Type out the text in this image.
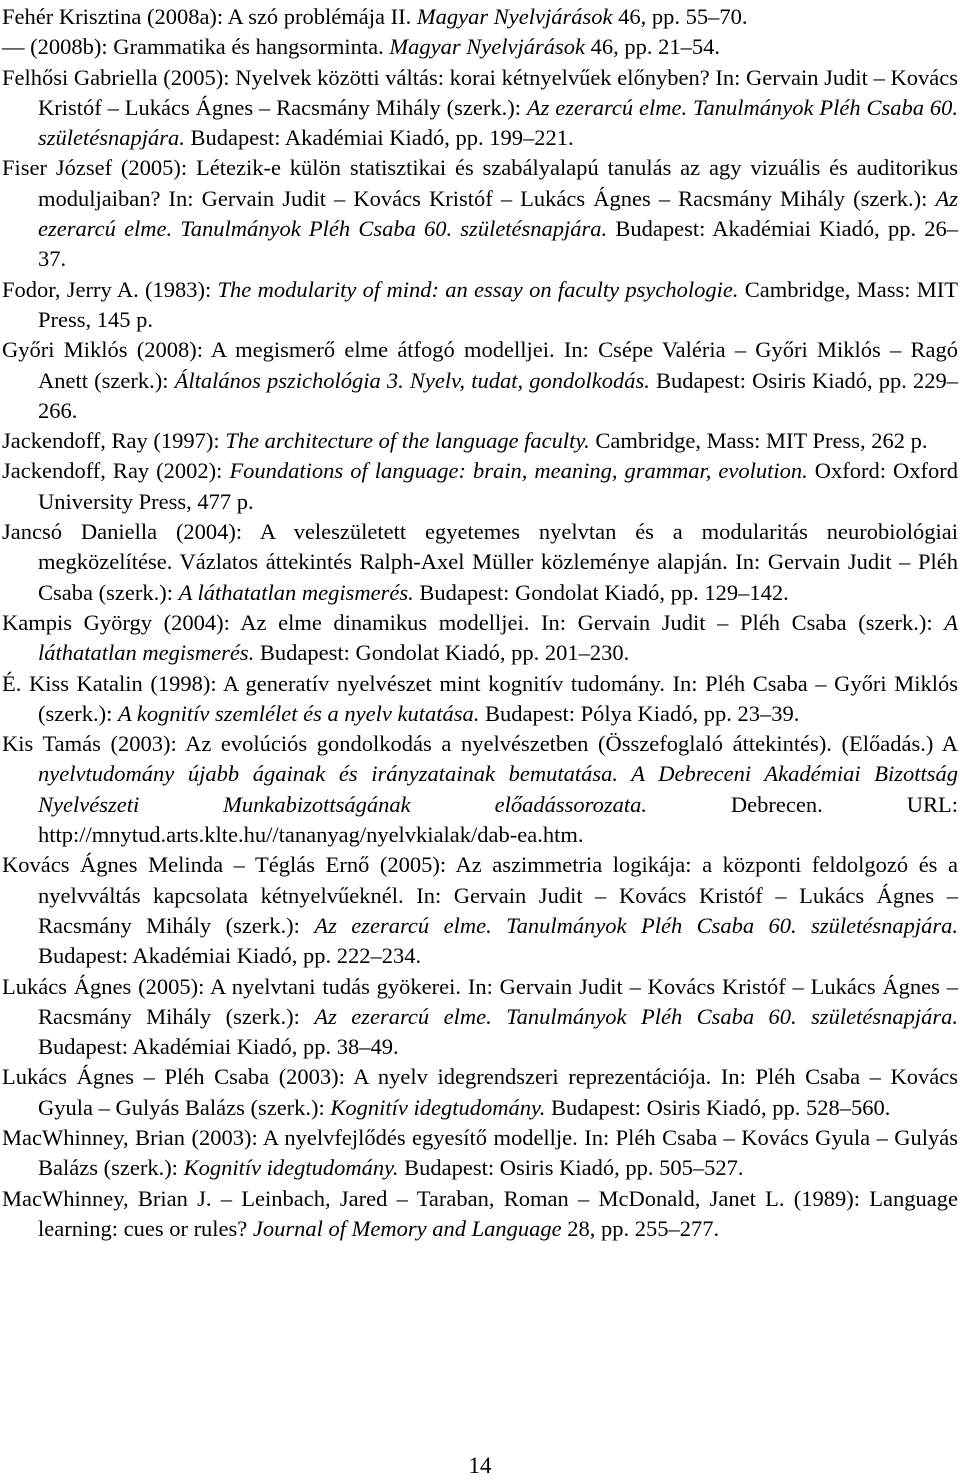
Fehér Krisztina (2008a): A szó problémája II. Magyar Nyelvjárások 46, pp. 55–70.

— (2008b): Grammatika és hangsorminta. Magyar Nyelvjárások 46, pp. 21–54.

Felhősi Gabriella (2005): Nyelvek közötti váltás: korai kétnyelvűek előnyben? In: Gervain Judit – Kovács Kristóf – Lukács Ágnes – Racsmány Mihály (szerk.): Az ezerarcú elme. Tanulmányok Pléh Csaba 60. születésnapjára. Budapest: Akadémiai Kiadó, pp. 199–221.

Fiser József (2005): Létezik-e külön statisztikai és szabályalapú tanulás az agy vizuális és auditorikus moduljaiban? In: Gervain Judit – Kovács Kristóf – Lukács Ágnes – Racsmány Mihály (szerk.): Az ezerarcú elme. Tanulmányok Pléh Csaba 60. születésnapjára. Budapest: Akadémiai Kiadó, pp. 26–37.

Fodor, Jerry A. (1983): The modularity of mind: an essay on faculty psychologie. Cambridge, Mass: MIT Press, 145 p.

Győri Miklós (2008): A megismerő elme átfogó modelljei. In: Csépe Valéria – Győri Miklós – Ragó Anett (szerk.): Általános pszichológia 3. Nyelv, tudat, gondolkodás. Budapest: Osiris Kiadó, pp. 229–266.

Jackendoff, Ray (1997): The architecture of the language faculty. Cambridge, Mass: MIT Press, 262 p.

Jackendoff, Ray (2002): Foundations of language: brain, meaning, grammar, evolution. Oxford: Oxford University Press, 477 p.

Jancsó Daniella (2004): A veleszületett egyetemes nyelvtan és a modularitás neurobiológiai megközelítése. Vázlatos áttekintés Ralph-Axel Müller közleménye alapján. In: Gervain Judit – Pléh Csaba (szerk.): A láthatatlan megismerés. Budapest: Gondolat Kiadó, pp. 129–142.

Kampis György (2004): Az elme dinamikus modelljei. In: Gervain Judit – Pléh Csaba (szerk.): A láthatatlan megismerés. Budapest: Gondolat Kiadó, pp. 201–230.

É. Kiss Katalin (1998): A generatív nyelvészet mint kognitív tudomány. In: Pléh Csaba – Győri Miklós (szerk.): A kognitív szemlélet és a nyelv kutatása. Budapest: Pólya Kiadó, pp. 23–39.

Kis Tamás (2003): Az evolúciós gondolkodás a nyelvészetben (Összefoglaló áttekintés). (Előadás.) A nyelvtudomány újabb ágainak és irányzatainak bemutatása. A Debreceni Akadémiai Bizottság Nyelvészeti Munkabizottságának előadássorozata. Debrecen. URL: http://mnytud.arts.klte.hu//tananyag/nyelvkialak/dab-ea.htm.

Kovács Ágnes Melinda – Téglás Ernő (2005): Az aszimmetria logikája: a központi feldolgozó és a nyelvváltás kapcsolata kétnyelvűeknél. In: Gervain Judit – Kovács Kristóf – Lukács Ágnes – Racsmány Mihály (szerk.): Az ezerarcú elme. Tanulmányok Pléh Csaba 60. születésnapjára. Budapest: Akadémiai Kiadó, pp. 222–234.

Lukács Ágnes (2005): A nyelvtani tudás gyökerei. In: Gervain Judit – Kovács Kristóf – Lukács Ágnes – Racsmány Mihály (szerk.): Az ezerarcú elme. Tanulmányok Pléh Csaba 60. születésnapjára. Budapest: Akadémiai Kiadó, pp. 38–49.

Lukács Ágnes – Pléh Csaba (2003): A nyelv idegrendszeri reprezentációja. In: Pléh Csaba – Kovács Gyula – Gulyás Balázs (szerk.): Kognitív idegtudomány. Budapest: Osiris Kiadó, pp. 528–560.

MacWhinney, Brian (2003): A nyelvfejlődés egyesítő modellje. In: Pléh Csaba – Kovács Gyula – Gulyás Balázs (szerk.): Kognitív idegtudomány. Budapest: Osiris Kiadó, pp. 505–527.

MacWhinney, Brian J. – Leinbach, Jared – Taraban, Roman – McDonald, Janet L. (1989): Language learning: cues or rules? Journal of Memory and Language 28, pp. 255–277.

14
